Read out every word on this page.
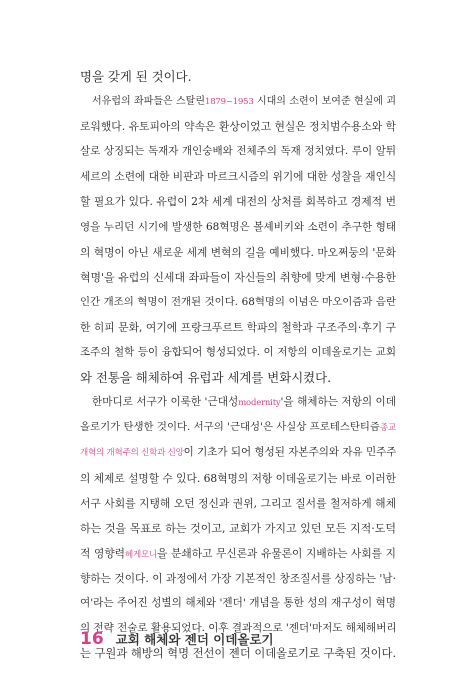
명을 갖게 된 것이다.
서유럽의 좌파들은 스탈린1879~1953 시대의 소련이 보여준 현실에 괴
로워했다. 유토피아의 약속은 환상이었고 현실은 정치범수용소와 학
살로 상징되는 독재자 개인숭배와 전체주의 독재 정치였다. 루이 알튀
세르의 소련에 대한 비판과 마르크시즘의 위기에 대한 성찰을 재인식
할 필요가 있다. 유럽이 2차 세계 대전의 상처를 회복하고 경제적 번
영을 누리던 시기에 발생한 68혁명은 볼셰비키와 소련이 추구한 형태
의 혁명이 아닌 새로운 세계 변혁의 길을 예비했다. 마오쩌둥의 '문화
혁명'을 유럽의 신세대 좌파들이 자신들의 취향에 맞게 변형·수용한
인간 개조의 혁명이 전개된 것이다. 68혁명의 이념은 마오이즘과 음란
한 히피 문화, 여기에 프랑크푸르트 학파의 철학과 구조주의·후기 구
조주의 철학 등이 융합되어 형성되었다. 이 저항의 이데올로기는 교회
와 전통을 해체하여 유럽과 세계를 변화시켰다.
한마디로 서구가 이룩한 '근대성modernity'을 해체하는 저항의 이데
올로기가 탄생한 것이다. 서구의 '근대성'은 사실상 프로테스탄티즘종교
개혁의 개혁주의 신학과 신앙이 기초가 되어 형성된 자본주의와 자유 민주주
의 체제로 설명할 수 있다. 68혁명의 저항 이데올로기는 바로 이러한
서구 사회를 지탱해 오던 정신과 권위, 그리고 질서를 철저하게 해체
하는 것을 목표로 하는 것이고, 교회가 가지고 있던 모든 지적·도덕
적 영향력헤게모니을 분쇄하고 무신론과 유물론이 지배하는 사회를 지
향하는 것이다. 이 과정에서 가장 기본적인 창조질서를 상징하는 '남·
여'라는 주어진 성별의 해체와 '젠더' 개념을 통한 성의 재구성이 혁명
의 전략 전술로 활용되었다. 이후 결과적으로 '젠더'마저도 해체해버리
는 구원과 해방의 혁명 전선이 젠더 이데올로기로 구축된 것이다.
16 교회 해체와 젠더 이데올로기
